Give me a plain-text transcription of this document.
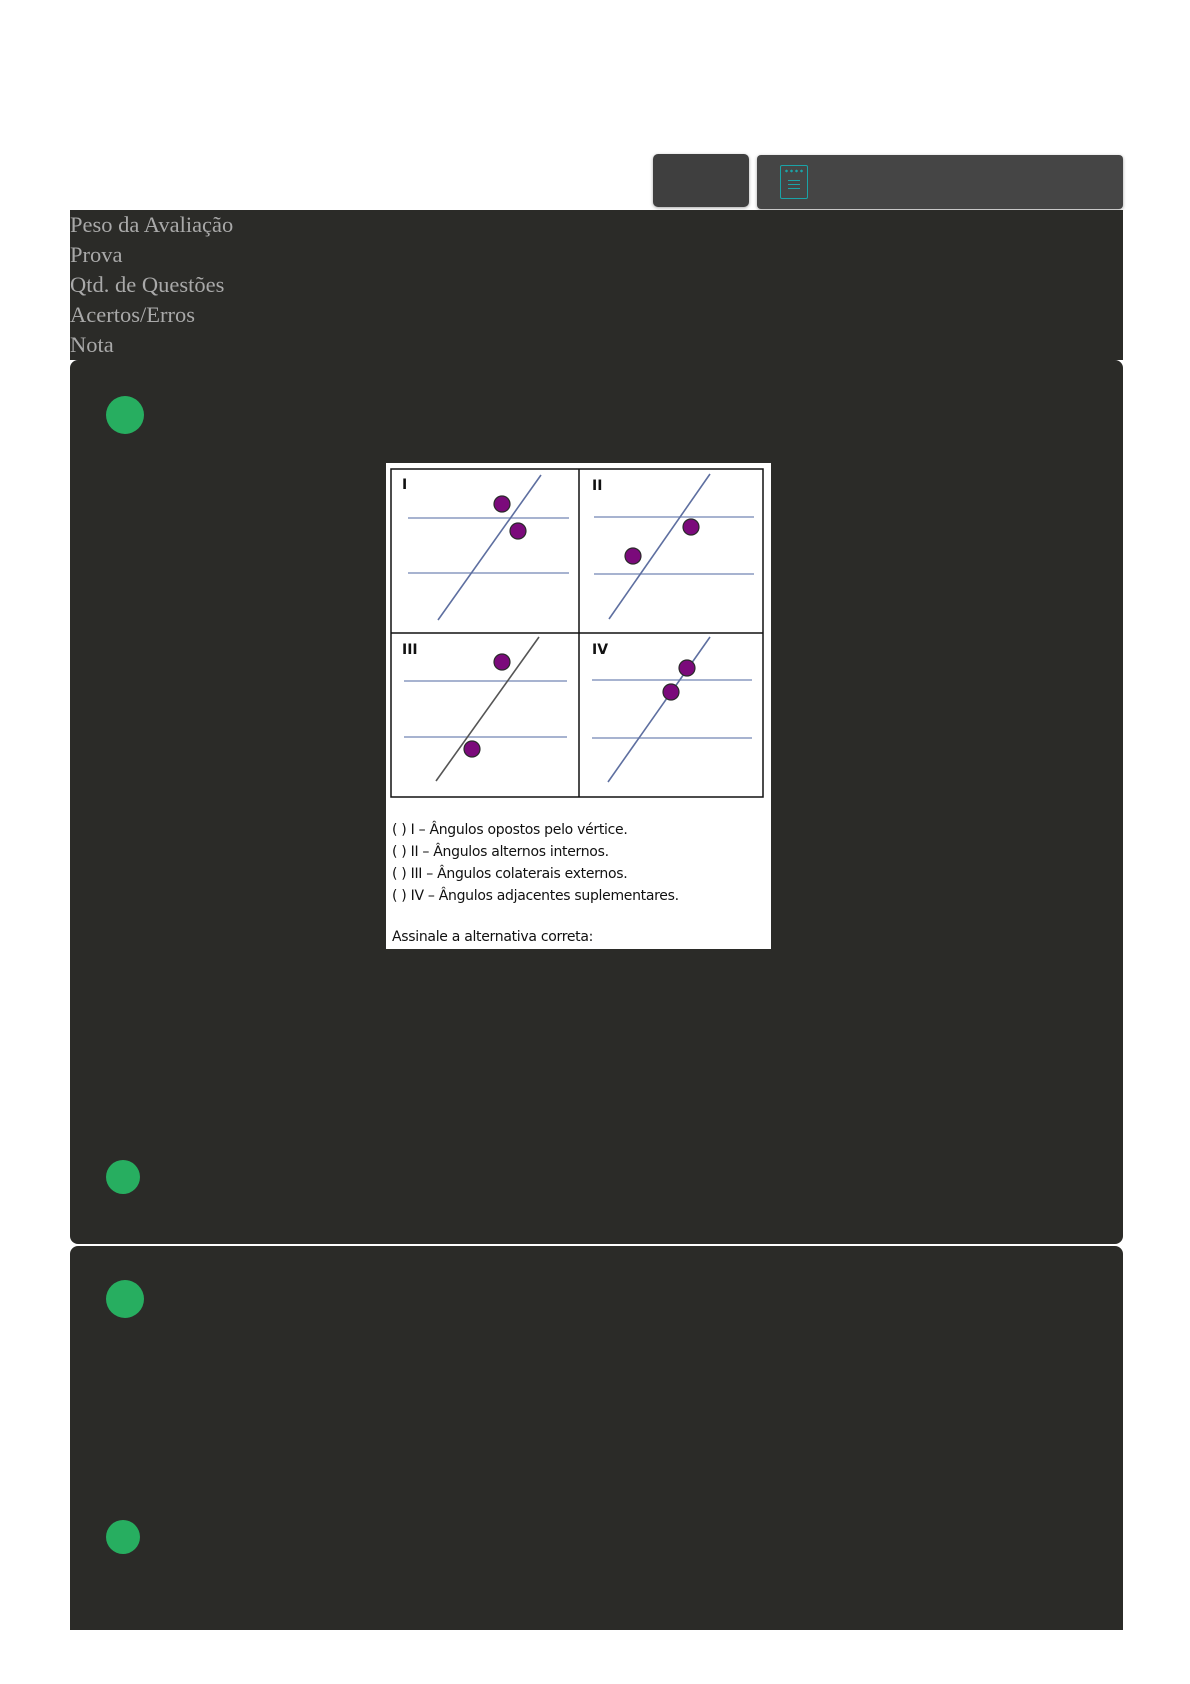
Peso da Avaliação
Prova
Qtd. de Questões
Acertos/Erros
Nota
I	II
III	IV
( ) I – Ângulos opostos pelo vértice.
( ) II – Ângulos alternos internos.
( ) III – Ângulos colaterais externos.
( ) IV – Ângulos adjacentes suplementares.
Assinale a alternativa correta:
